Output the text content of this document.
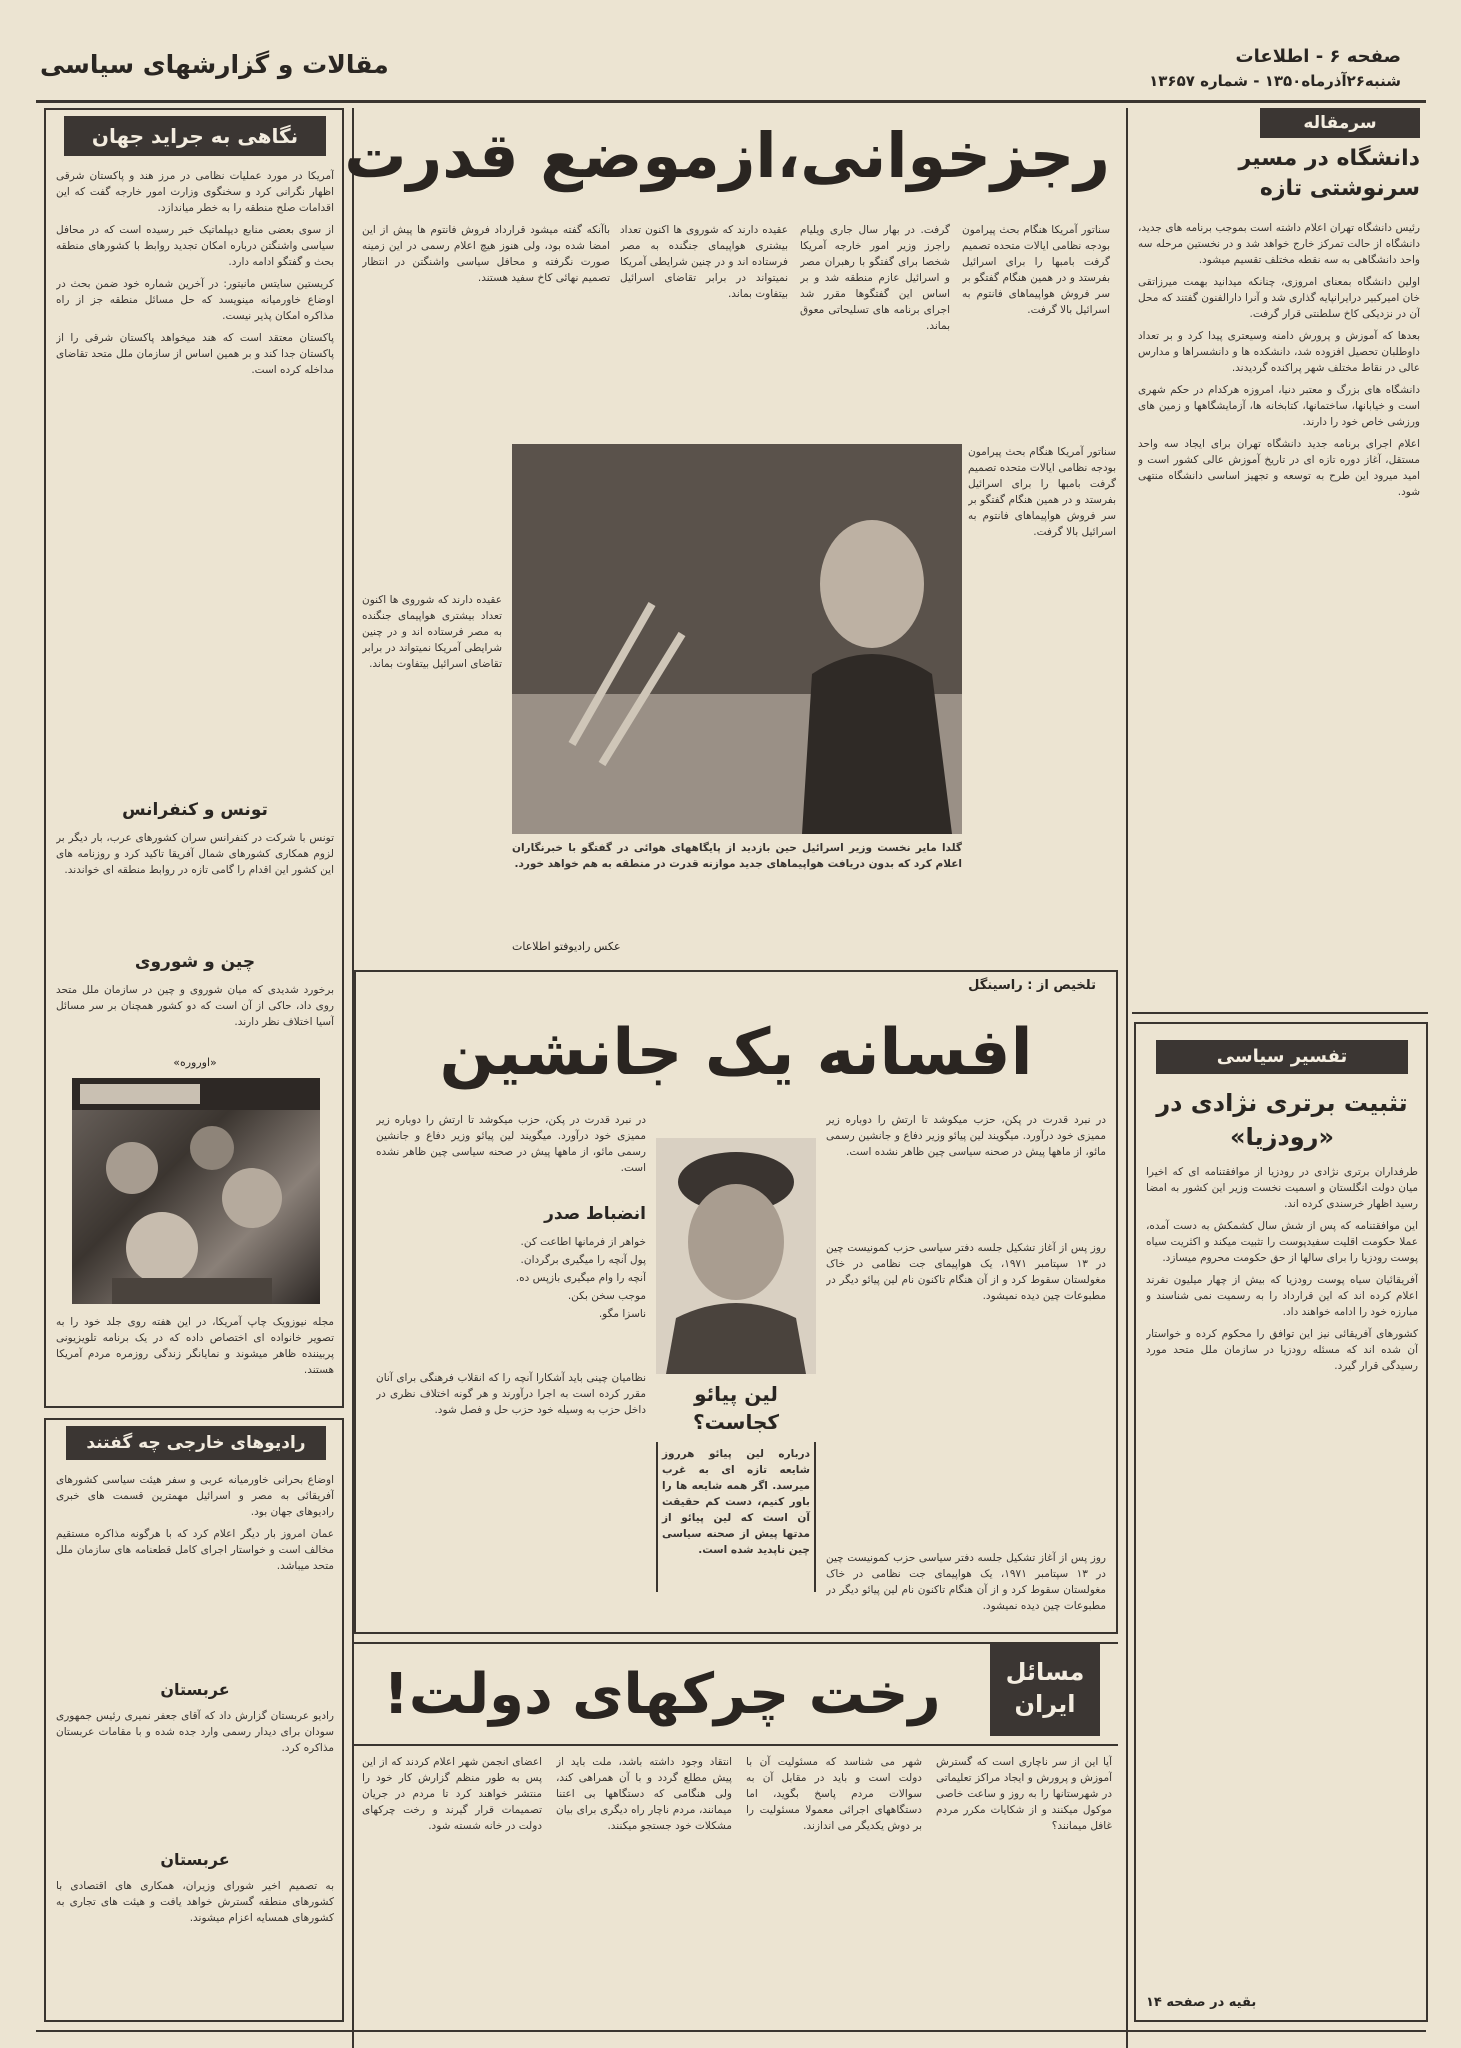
صفحه ۶ - اطلاعات
شنبه۲۶آذرماه۱۳۵۰ - شماره ۱۳۶۵۷
مقالات و گزارشهای سیاسی
سرمقاله
دانشگاه در مسیر سرنوشتی تازه

رئیس دانشگاه تهران اعلام داشته است بموجب برنامه های جدید، دانشگاه از حالت تمرکز خارج خواهد شد و در نخستین مرحله سه واحد دانشگاهی به سه نقطه مختلف تقسیم میشود.

اولین دانشگاه بمعنای امروزی، چنانکه میدانید بهمت میرزاتقی خان امیرکبیر درایرانپایه گذاری شد و آنرا دارالفنون گفتند که محل آن در نزدیکی کاخ سلطنتی قرار گرفت.

بعدها که آموزش و پرورش دامنه وسیعتری پیدا کرد و بر تعداد داوطلبان تحصیل افزوده شد، دانشکده ها و دانشسراها و مدارس عالی در نقاط مختلف شهر پراکنده گردیدند.

دانشگاه های بزرگ و معتبر دنیا، امروزه هرکدام در حکم شهری است و خیابانها، ساختمانها، کتابخانه ها، آزمایشگاهها و زمین های ورزشی خاص خود را دارند.

اعلام اجرای برنامه جدید دانشگاه تهران برای ایجاد سه واحد مستقل، آغاز دوره تازه ای در تاریخ آموزش عالی کشور است و امید میرود این طرح به توسعه و تجهیز اساسی دانشگاه منتهی شود.

تفسیر سیاسی
تثبیت برتری نژادی در «رودزیا»

طرفداران برتری نژادی در رودزیا از موافقتنامه ای که اخیرا میان دولت انگلستان و اسمیت نخست وزیر این کشور به امضا رسید اظهار خرسندی کرده اند.

این موافقتنامه که پس از شش سال کشمکش به دست آمده، عملا حکومت اقلیت سفیدپوست را تثبیت میکند و اکثریت سیاه پوست رودزیا را برای سالها از حق حکومت محروم میسازد.

آفریقائیان سیاه پوست رودزیا که بیش از چهار میلیون نفرند اعلام کرده اند که این قرارداد را به رسمیت نمی شناسند و مبارزه خود را ادامه خواهند داد.

کشورهای آفریقائی نیز این توافق را محکوم کرده و خواستار آن شده اند که مسئله رودزیا در سازمان ملل متحد مورد رسیدگی قرار گیرد.

بقیه در صفحه ۱۴
نگاهی به جراید جهان

آمریکا در مورد عملیات نظامی در مرز هند و پاکستان شرقی اظهار نگرانی کرد و سخنگوی وزارت امور خارجه گفت که این اقدامات صلح منطقه را به خطر میاندازد.

از سوی بعضی منابع دیپلماتیک خبر رسیده است که در محافل سیاسی واشنگتن درباره امکان تجدید روابط با کشورهای منطقه بحث و گفتگو ادامه دارد.

کریستین سایتس مانیتور: در آخرین شماره خود ضمن بحث در اوضاع خاورمیانه مینویسد که حل مسائل منطقه جز از راه مذاکره امکان پذیر نیست.

پاکستان معتقد است که هند میخواهد پاکستان شرقی را از پاکستان جدا کند و بر همین اساس از سازمان ملل متحد تقاضای مداخله کرده است.

تونس و کنفرانس
تونس با شرکت در کنفرانس سران کشورهای عرب، بار دیگر بر لزوم همکاری کشورهای شمال آفریقا تاکید کرد و روزنامه های این کشور این اقدام را گامی تازه در روابط منطقه ای خواندند.
چین و شوروی
برخورد شدیدی که میان شوروی و چین در سازمان ملل متحد روی داد، حاکی از آن است که دو کشور همچنان بر سر مسائل آسیا اختلاف نظر دارند.
«اوروره»
مجله نیوزویک چاپ آمریکا، در این هفته روی جلد خود را به تصویر خانواده ای اختصاص داده که در یک برنامه تلویزیونی پربیننده ظاهر میشوند و نمایانگر زندگی روزمره مردم آمریکا هستند.
رادیوهای خارجی چه گفتند

اوضاع بحرانی خاورمیانه عربی و سفر هیئت سیاسی کشورهای آفریقائی به مصر و اسرائیل مهمترین قسمت های خبری رادیوهای جهان بود.

عمان امروز بار دیگر اعلام کرد که با هرگونه مذاکره مستقیم مخالف است و خواستار اجرای کامل قطعنامه های سازمان ملل متحد میباشد.

عربستان
رادیو عربستان گزارش داد که آقای جعفر نمیری رئیس جمهوری سودان برای دیدار رسمی وارد جده شده و با مقامات عربستان مذاکره کرد.
عربستان
به تصمیم اخیر شورای وزیران، همکاری های اقتصادی با کشورهای منطقه گسترش خواهد یافت و هیئت های تجاری به کشورهای همسایه اعزام میشوند.
رجزخوانی،ازموضع قدرت
سناتور آمریکا هنگام بحث پیرامون بودجه نظامی ایالات متحده تصمیم گرفت بامبها را برای اسرائیل بفرستد و در همین هنگام گفتگو بر سر فروش هواپیماهای فانتوم به اسرائیل بالا گرفت.
گرفت. در بهار سال جاری ویلیام راجرز وزیر امور خارجه آمریکا شخصا برای گفتگو با رهبران مصر و اسرائیل عازم منطقه شد و بر اساس این گفتگوها مقرر شد اجرای برنامه های تسلیحاتی معوق بماند.
عقیده دارند که شوروی ها اکنون تعداد بیشتری هواپیمای جنگنده به مصر فرستاده اند و در چنین شرایطی آمریکا نمیتواند در برابر تقاضای اسرائیل بیتفاوت بماند.
باآنکه گفته میشود قرارداد فروش فانتوم ها پیش از این امضا شده بود، ولی هنوز هیچ اعلام رسمی در این زمینه صورت نگرفته و محافل سیاسی واشنگتن در انتظار تصمیم نهائی کاخ سفید هستند.
گلدا مایر نخست وزیر اسرائیل حین بازدید از پایگاههای هوائی در گفتگو با خبرنگاران اعلام کرد که بدون دریافت هواپیماهای جدید موازنه قدرت در منطقه به هم خواهد خورد.
عکس رادیوفتو اطلاعات
سناتور آمریکا هنگام بحث پیرامون بودجه نظامی ایالات متحده تصمیم گرفت بامبها را برای اسرائیل بفرستد و در همین هنگام گفتگو بر سر فروش هواپیماهای فانتوم به اسرائیل بالا گرفت.
عقیده دارند که شوروی ها اکنون تعداد بیشتری هواپیمای جنگنده به مصر فرستاده اند و در چنین شرایطی آمریکا نمیتواند در برابر تقاضای اسرائیل بیتفاوت بماند.
تلخیص از : راسینگل
افسانه یک جانشین
در نبرد قدرت در پکن، حزب میکوشد تا ارتش را دوباره زیر ممیزی خود درآورد. میگویند لین پیائو وزیر دفاع و جانشین رسمی مائو، از ماهها پیش در صحنه سیاسی چین ظاهر نشده است.
روز پس از آغاز تشکیل جلسه دفتر سیاسی حزب کمونیست چین در ۱۳ سپتامبر ۱۹۷۱، یک هواپیمای جت نظامی در خاک مغولستان سقوط کرد و از آن هنگام تاکنون نام لین پیائو دیگر در مطبوعات چین دیده نمیشود.
در نبرد قدرت در پکن، حزب میکوشد تا ارتش را دوباره زیر ممیزی خود درآورد. میگویند لین پیائو وزیر دفاع و جانشین رسمی مائو، از ماهها پیش در صحنه سیاسی چین ظاهر نشده است.
انضباط صدر

خواهر از فرمانها اطاعت کن.

پول آنچه را میگیری برگردان.

آنچه را وام میگیری بازپس ده.

موجب سخن بکن.

ناسزا مگو.

نظامیان چینی باید آشکارا آنچه را که انقلاب فرهنگی برای آنان مقرر کرده است به اجرا درآورند و هر گونه اختلاف نظری در داخل حزب به وسیله خود حزب حل و فصل شود.
لین پیائو کجاست؟
درباره لین پیائو هرروز شایعه تازه ای به غرب میرسد. اگر همه شایعه ها را باور کنیم، دست کم حقیقت آن است که لین پیائو از مدتها پیش از صحنه سیاسی چین ناپدید شده است.
روز پس از آغاز تشکیل جلسه دفتر سیاسی حزب کمونیست چین در ۱۳ سپتامبر ۱۹۷۱، یک هواپیمای جت نظامی در خاک مغولستان سقوط کرد و از آن هنگام تاکنون نام لین پیائو دیگر در مطبوعات چین دیده نمیشود.
رخت چرکهای دولت!	مسائل
ایران
آیا این از سر ناچاری است که گسترش آموزش و پرورش و ایجاد مراکز تعلیماتی در شهرستانها را به روز و ساعت خاصی موکول میکنند و از شکایات مکرر مردم غافل میمانند؟
شهر می شناسد که مسئولیت آن با دولت است و باید در مقابل آن به سوالات مردم پاسخ بگوید، اما دستگاههای اجرائی معمولا مسئولیت را بر دوش یکدیگر می اندازند.
انتقاد وجود داشته باشد، ملت باید از پیش مطلع گردد و با آن همراهی کند، ولی هنگامی که دستگاهها بی اعتنا میمانند، مردم ناچار راه دیگری برای بیان مشکلات خود جستجو میکنند.
اعضای انجمن شهر اعلام کردند که از این پس به طور منظم گزارش کار خود را منتشر خواهند کرد تا مردم در جریان تصمیمات قرار گیرند و رخت چرکهای دولت در خانه شسته شود.
